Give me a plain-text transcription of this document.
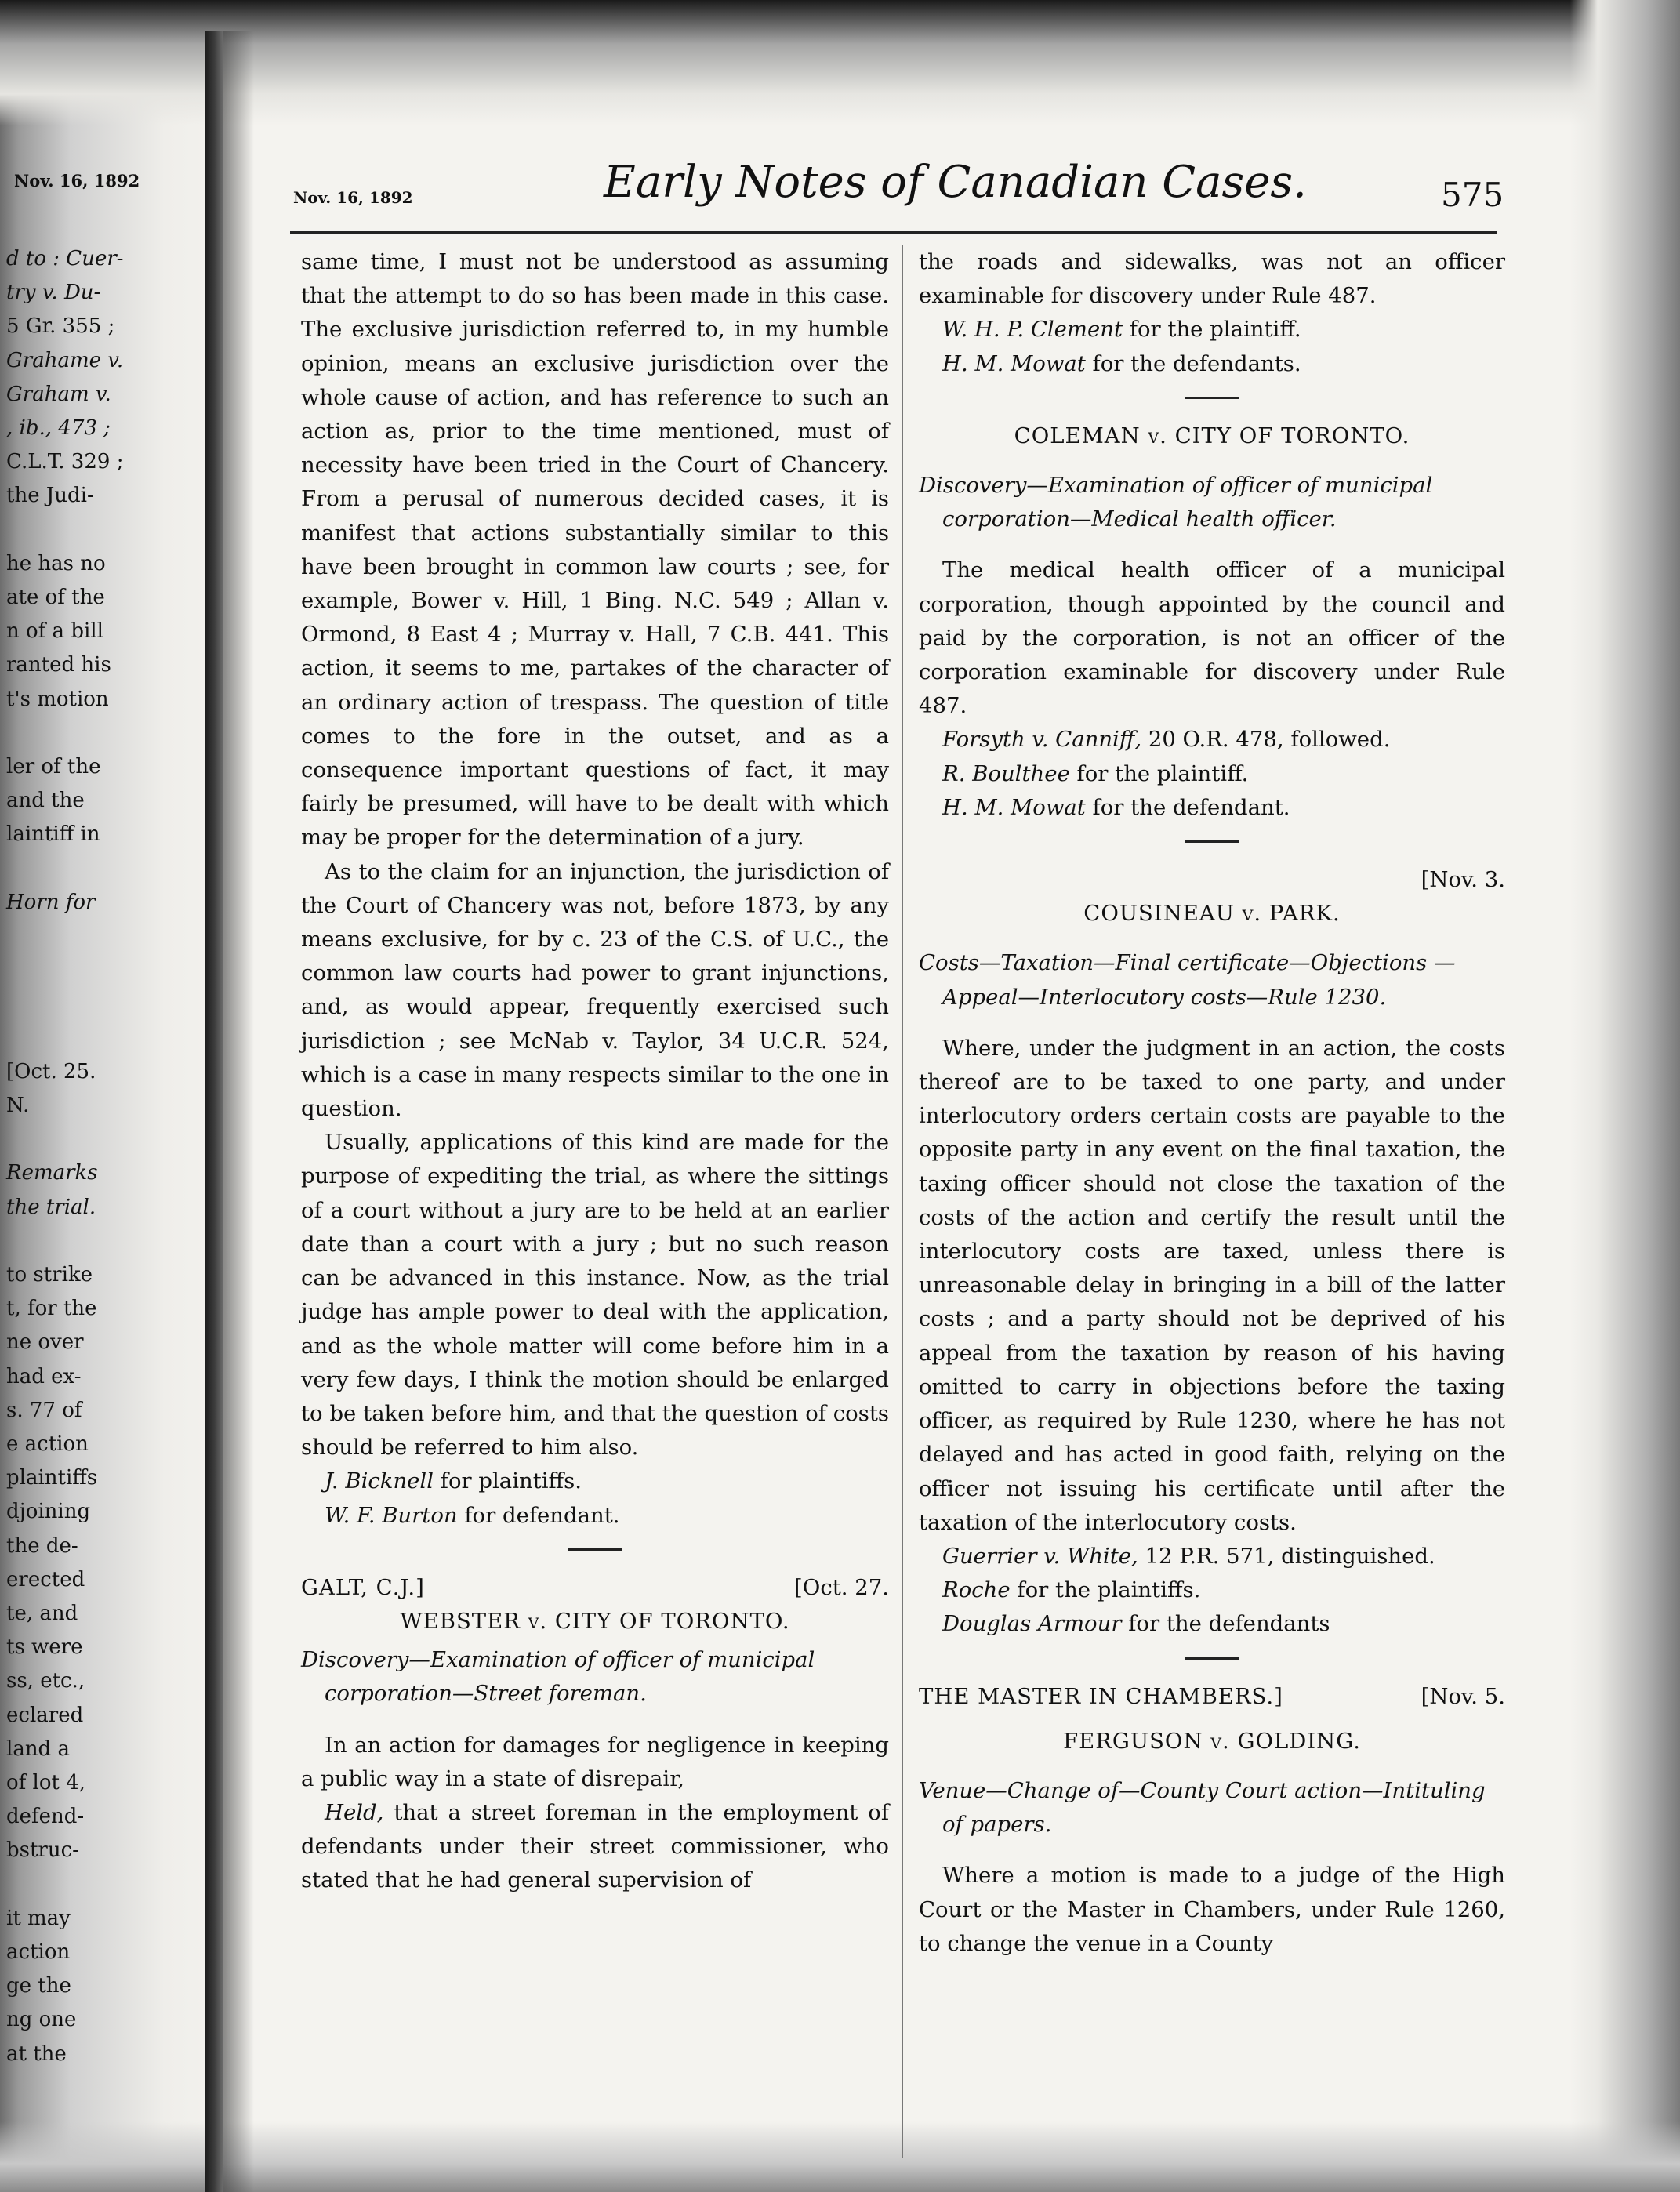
Nov. 16, 1892
d to : Cuer-
try v. Du-
5 Gr. 355 ;
Grahame v.
Graham v.
, ib., 473 ;
C.L.T. 329 ;
the Judi-
he has no
ate of the
n of a bill
ranted his
t's motion
ler of the
and the
laintiff in
Horn for
[Oct. 25.
N.
Remarks
the trial.
to strike
t, for the
ne over
had ex-
s. 77 of
e action
plaintiffs
djoining
the de-
erected
te, and
ts were
ss, etc.,
eclared
land a
of lot 4,
defend-
bstruc-
it may
action
ge the
ng one
at the
Nov. 16, 1892	Early Notes of Canadian Cases.	575

same time, I must not be understood as assuming that the attempt to do so has been made in this case. The exclusive jurisdiction referred to, in my humble opinion, means an exclusive jurisdiction over the whole cause of action, and has reference to such an action as, prior to the time mentioned, must of necessity have been tried in the Court of Chancery. From a perusal of numerous decided cases, it is manifest that actions substantially similar to this have been brought in common law courts ; see, for example, Bower v. Hill, 1 Bing. N.C. 549 ; Allan v. Ormond, 8 East 4 ; Murray v. Hall, 7 C.B. 441. This action, it seems to me, partakes of the character of an ordinary action of trespass. The question of title comes to the fore in the outset, and as a consequence important questions of fact, it may fairly be presumed, will have to be dealt with which may be proper for the determination of a jury.

As to the claim for an injunction, the jurisdiction of the Court of Chancery was not, before 1873, by any means exclusive, for by c. 23 of the C.S. of U.C., the common law courts had power to grant injunctions, and, as would appear, frequently exercised such jurisdiction ; see McNab v. Taylor, 34 U.C.R. 524, which is a case in many respects similar to the one in question.

Usually, applications of this kind are made for the purpose of expediting the trial, as where the sittings of a court without a jury are to be held at an earlier date than a court with a jury ; but no such reason can be advanced in this instance. Now, as the trial judge has ample power to deal with the application, and as the whole matter will come before him in a very few days, I think the motion should be enlarged to be taken before him, and that the question of costs should be referred to him also.

J. Bicknell for plaintiffs.
W. F. Burton for defendant.
GALT, C.J.]	[Oct. 27.
WEBSTER v. CITY OF TORONTO.
Discovery—Examination of officer of municipal corporation—Street foreman.

In an action for damages for negligence in keeping a public way in a state of disrepair,

Held, that a street foreman in the employment of defendants under their street commissioner, who stated that he had general supervision of

the roads and sidewalks, was not an officer examinable for discovery under Rule 487.

W. H. P. Clement for the plaintiff.
H. M. Mowat for the defendants.
COLEMAN v. CITY OF TORONTO.
Discovery—Examination of officer of municipal corporation—Medical health officer.

The medical health officer of a municipal corporation, though appointed by the council and paid by the corporation, is not an officer of the corporation examinable for discovery under Rule 487.

Forsyth v. Canniff, 20 O.R. 478, followed.
R. Boulthee for the plaintiff.
H. M. Mowat for the defendant.
[Nov. 3.
COUSINEAU v. PARK.
Costs—Taxation—Final certificate—Objections —Appeal—Interlocutory costs—Rule 1230.

Where, under the judgment in an action, the costs thereof are to be taxed to one party, and under interlocutory orders certain costs are payable to the opposite party in any event on the final taxation, the taxing officer should not close the taxation of the costs of the action and certify the result until the interlocutory costs are taxed, unless there is unreasonable delay in bringing in a bill of the latter costs ; and a party should not be deprived of his appeal from the taxation by reason of his having omitted to carry in objections before the taxing officer, as required by Rule 1230, where he has not delayed and has acted in good faith, relying on the officer not issuing his certificate until after the taxation of the interlocutory costs.

Guerrier v. White, 12 P.R. 571, distinguished.
Roche for the plaintiffs.
Douglas Armour for the defendants
THE MASTER IN CHAMBERS.]	[Nov. 5.
FERGUSON v. GOLDING.
Venue—Change of—County Court action—Intituling of papers.

Where a motion is made to a judge of the High Court or the Master in Chambers, under Rule 1260, to change the venue in a County
